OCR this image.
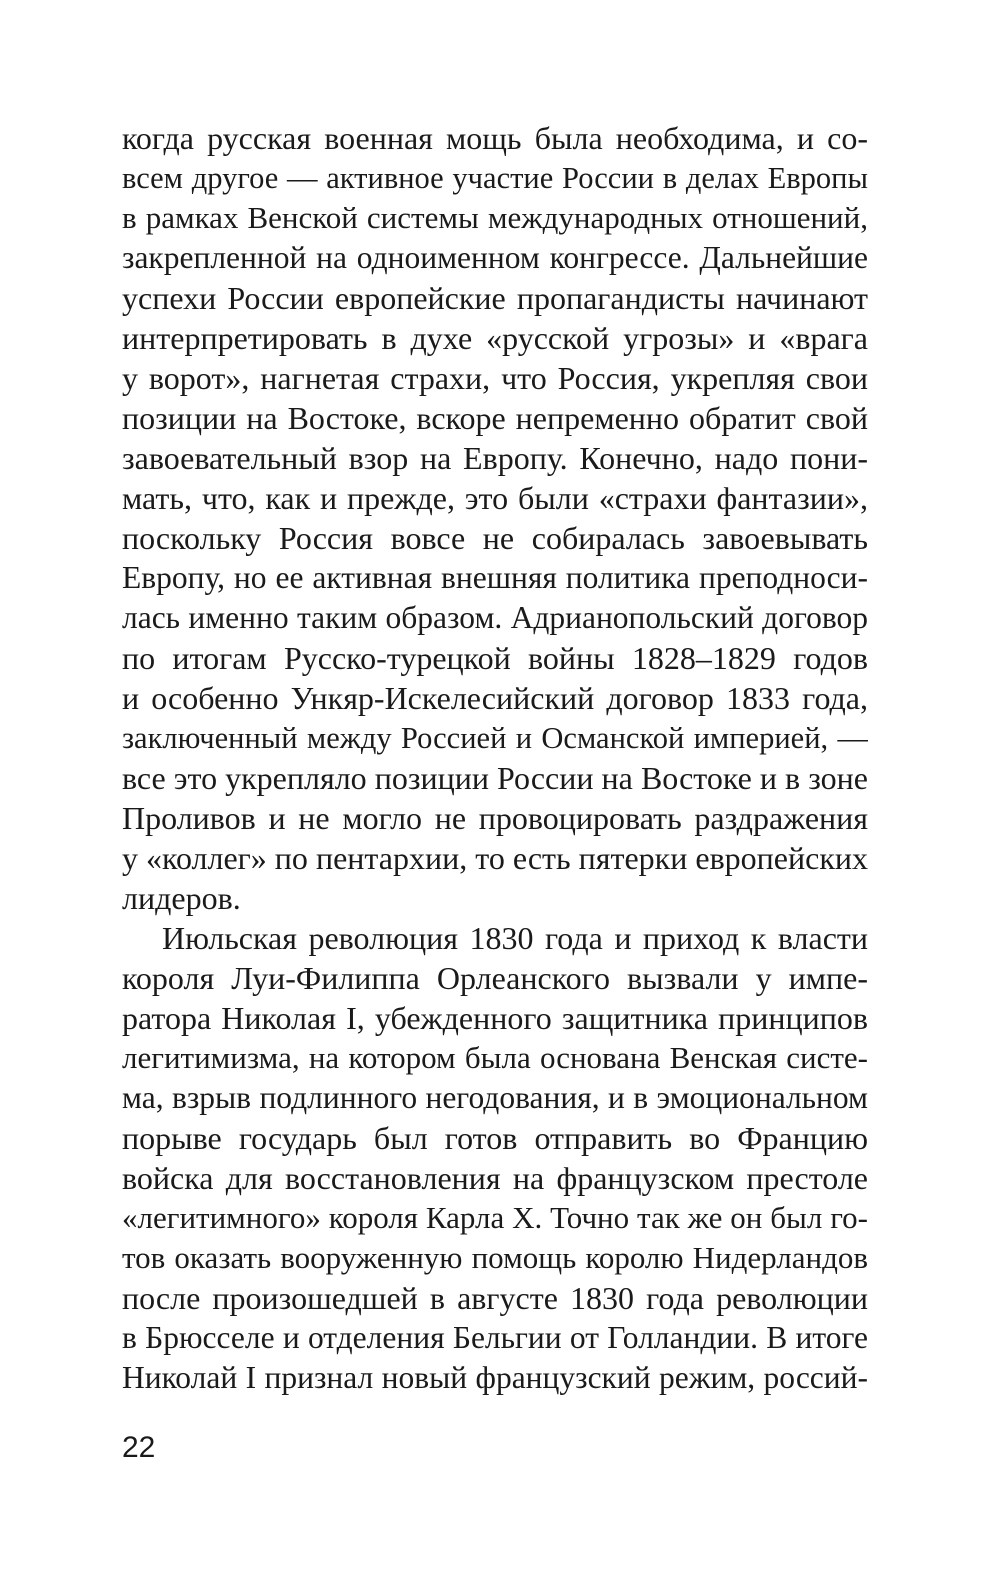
когда русская военная мощь была необходима, и со-
всем другое — активное участие России в делах Европы
в рамках Венской системы международных отношений,
закрепленной на одноименном конгрессе. Дальнейшие
успехи России европейские пропагандисты начинают
интерпретировать в духе «русской угрозы» и «врага
у ворот», нагнетая страхи, что Россия, укрепляя свои
позиции на Востоке, вскоре непременно обратит свой
завоевательный взор на Европу. Конечно, надо пони-
мать, что, как и прежде, это были «страхи фантазии»,
поскольку Россия вовсе не собиралась завоевывать
Европу, но ее активная внешняя политика преподноси-
лась именно таким образом. Адрианопольский договор
по итогам Русско-турецкой войны 1828–1829 годов
и особенно Ункяр-Искелесийский договор 1833 года,
заключенный между Россией и Османской империей, —
все это укрепляло позиции России на Востоке и в зоне
Проливов и не могло не провоцировать раздражения
у «коллег» по пентархии, то есть пятерки европейских
лидеров.
Июльская революция 1830 года и приход к власти
короля Луи-Филиппа Орлеанского вызвали у импе-
ратора Николая I, убежденного защитника принципов
легитимизма, на котором была основана Венская систе-
ма, взрыв подлинного негодования, и в эмоциональном
порыве государь был готов отправить во Францию
войска для восстановления на французском престоле
«легитимного» короля Карла X. Точно так же он был го-
тов оказать вооруженную помощь королю Нидерландов
после произошедшей в августе 1830 года революции
в Брюсселе и отделения Бельгии от Голландии. В итоге
Николай I признал новый французский режим, россий-
22
